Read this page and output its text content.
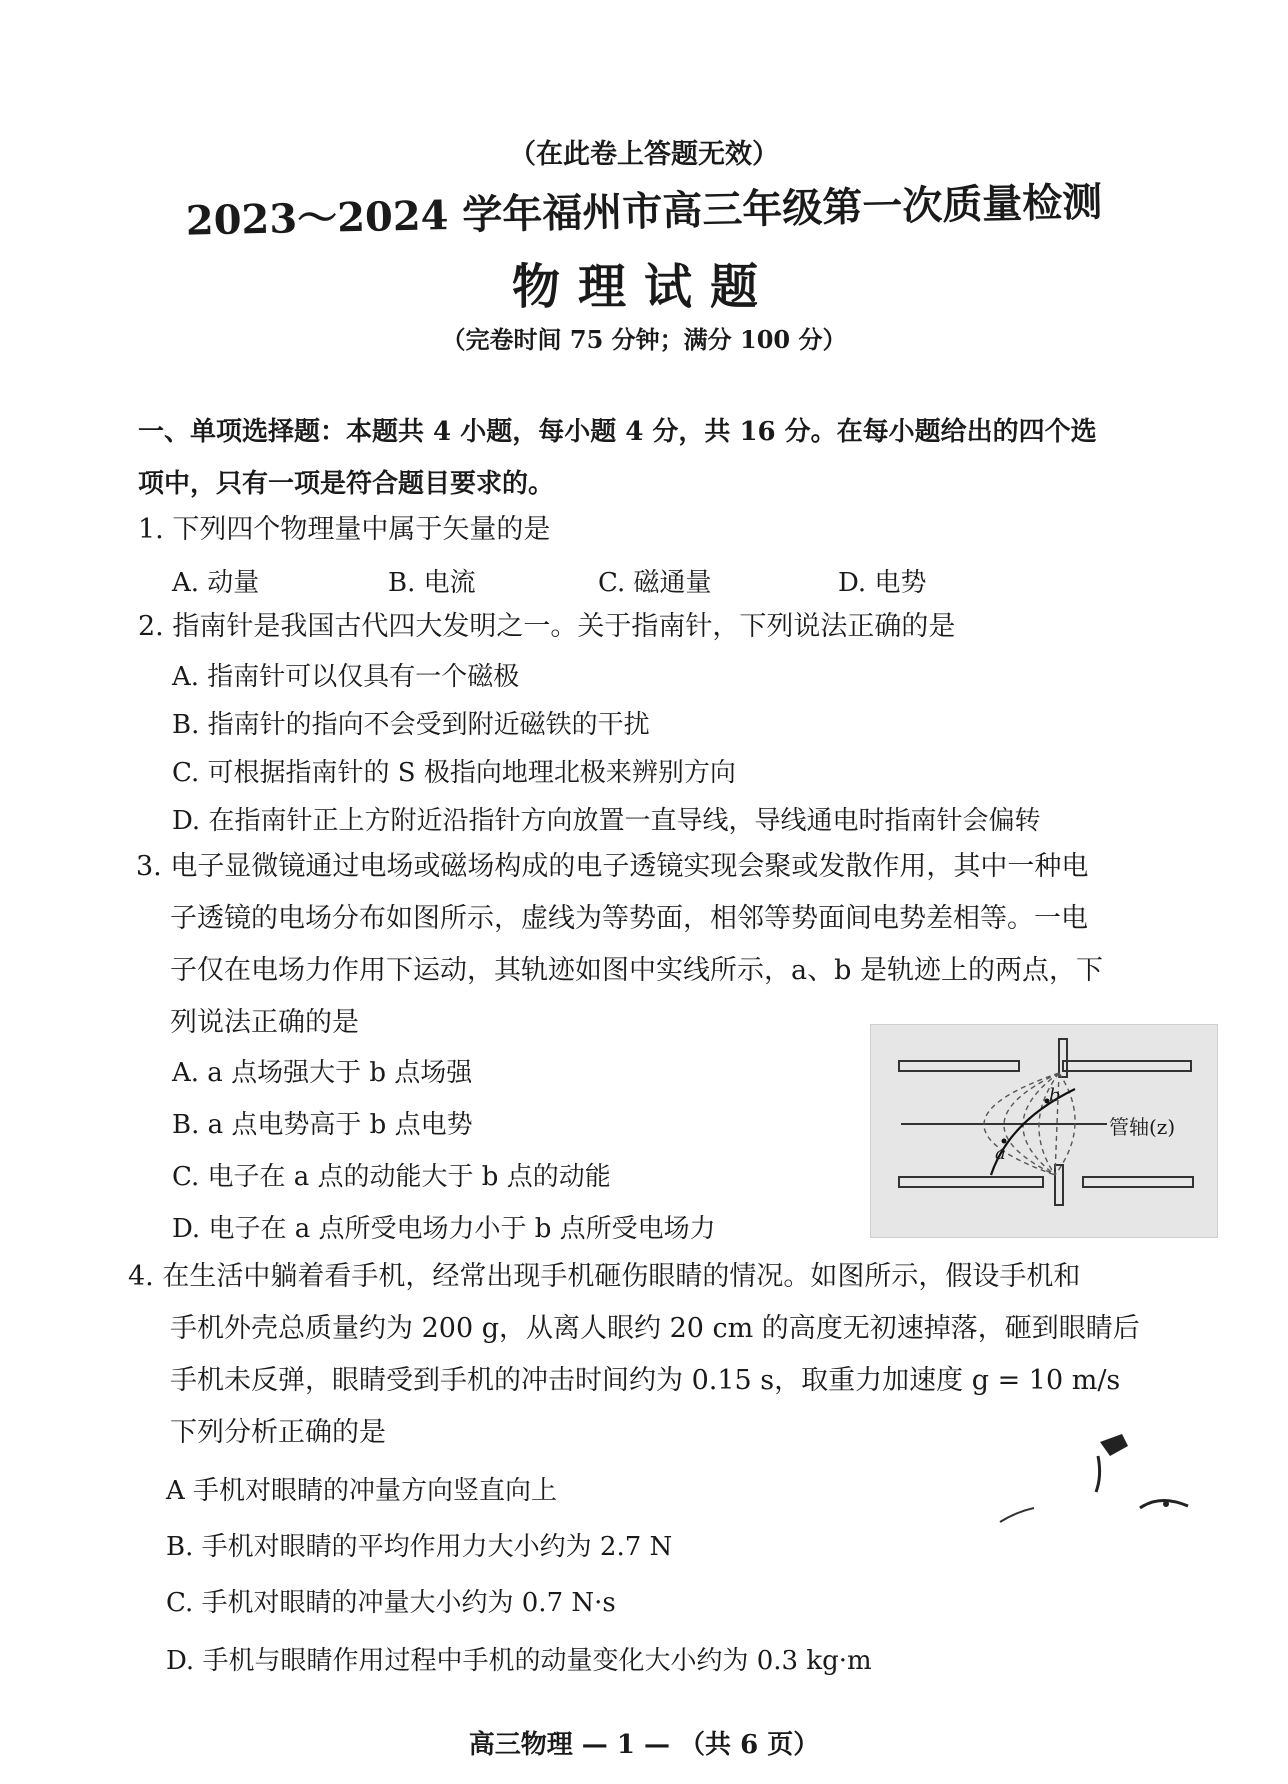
（在此卷上答题无效）
2023～2024 学年福州市高三年级第一次质量检测
物理试题
（完卷时间 75 分钟；满分 100 分）
一、单项选择题：本题共 4 小题，每小题 4 分，共 16 分。在每小题给出的四个选
项中，只有一项是符合题目要求的。
1. 下列四个物理量中属于矢量的是
A. 动量	B. 电流	C. 磁通量	D. 电势
2. 指南针是我国古代四大发明之一。关于指南针，下列说法正确的是
A. 指南针可以仅具有一个磁极
B. 指南针的指向不会受到附近磁铁的干扰
C. 可根据指南针的 S 极指向地理北极来辨别方向
D. 在指南针正上方附近沿指针方向放置一直导线，导线通电时指南针会偏转
3. 电子显微镜通过电场或磁场构成的电子透镜实现会聚或发散作用，其中一种电
子透镜的电场分布如图所示，虚线为等势面，相邻等势面间电势差相等。一电
子仅在电场力作用下运动，其轨迹如图中实线所示，a、b 是轨迹上的两点，下
列说法正确的是
A. a 点场强大于 b 点场强
B. a 点电势高于 b 点电势
C. 电子在 a 点的动能大于 b 点的动能
D. 电子在 a 点所受电场力小于 b 点所受电场力
a
b
管轴(z)
4. 在生活中躺着看手机，经常出现手机砸伤眼睛的情况。如图所示，假设手机和
手机外壳总质量约为 200 g，从离人眼约 20 cm 的高度无初速掉落，砸到眼睛后
手机未反弹，眼睛受到手机的冲击时间约为 0.15 s，取重力加速度 g = 10 m/s
下列分析正确的是
A 手机对眼睛的冲量方向竖直向上
B. 手机对眼睛的平均作用力大小约为 2.7 N
C. 手机对眼睛的冲量大小约为 0.7 N·s
D. 手机与眼睛作用过程中手机的动量变化大小约为 0.3 kg·m
高三物理 — 1 — （共 6 页）
